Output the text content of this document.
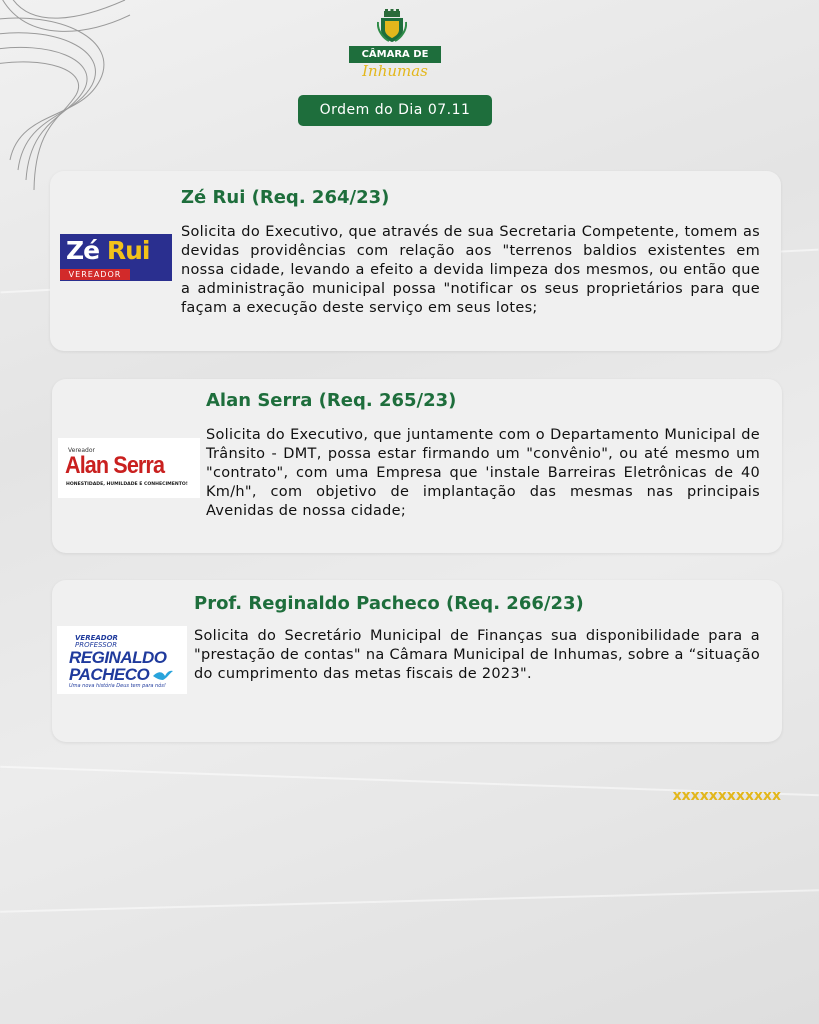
CÂMARA DE
Inhumas
Ordem do Dia 07.11
Zé Rui
VEREADOR
Zé Rui (Req. 264/23)
Solicita do Executivo, que através de sua Secretaria Competente, tomem as devidas providências com relação aos "terrenos baldios existentes em nossa cidade, levando a efeito a devida limpeza dos mesmos, ou então que a administração municipal possa "notificar os seus proprietários para que façam a execução deste serviço em seus lotes;
Vereador
Alan Serra
HONESTIDADE, HUMILDADE E CONHECIMENTO!
Alan Serra (Req. 265/23)
Solicita do Executivo, que juntamente com o Departamento Municipal de Trânsito - DMT, possa estar firmando um "convênio", ou até mesmo um "contrato", com uma Empresa que 'instale Barreiras Eletrônicas de 40 Km/h", com objetivo de implantação das mesmas nas principais Avenidas de nossa cidade;
VEREADOR
PROFESSOR
REGINALDO
PACHECO
Uma nova história Deus tem para nós!
Prof. Reginaldo Pacheco (Req. 266/23)
Solicita do Secretário Municipal de Finanças sua disponibilidade para a "prestação de contas" na Câmara Municipal de Inhumas, sobre a “situação do cumprimento das metas fiscais de 2023".
xxxxxxxxxxxx
